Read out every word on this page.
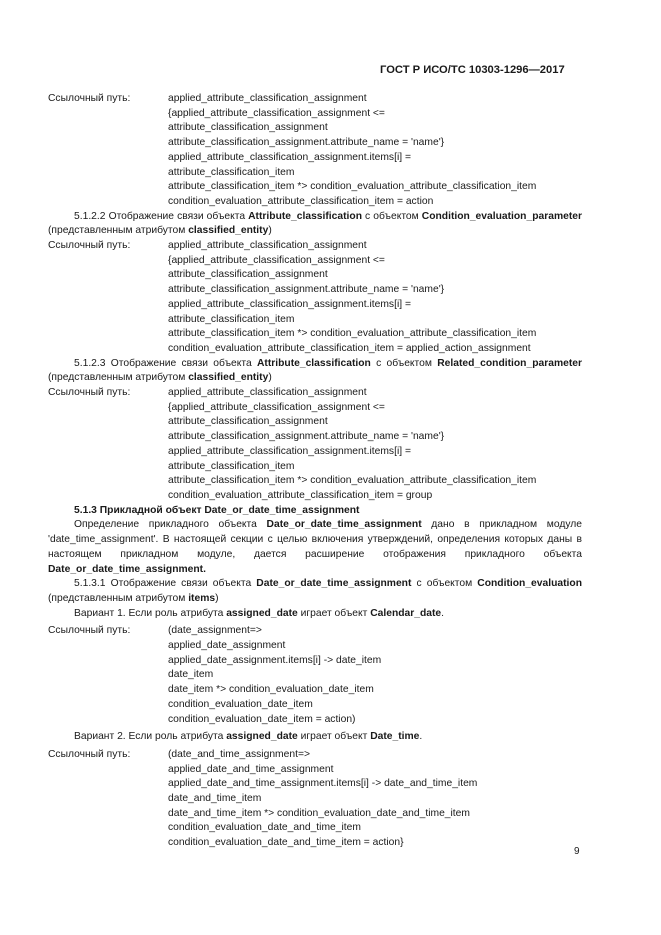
ГОСТ Р ИСО/ТС 10303-1296—2017
Ссылочный путь:	applied_attribute_classification_assignment
{applied_attribute_classification_assignment <=
attribute_classification_assignment
attribute_classification_assignment.attribute_name = 'name'}
applied_attribute_classification_assignment.items[i] =
attribute_classification_item
attribute_classification_item *> condition_evaluation_attribute_classification_item
condition_evaluation_attribute_classification_item = action
5.1.2.2 Отображение связи объекта Attribute_classification с объектом Condition_evaluation_parameter (представленным атрибутом classified_entity)
Ссылочный путь:	applied_attribute_classification_assignment
{applied_attribute_classification_assignment <=
attribute_classification_assignment
attribute_classification_assignment.attribute_name = 'name'}
applied_attribute_classification_assignment.items[i] =
attribute_classification_item
attribute_classification_item *> condition_evaluation_attribute_classification_item
condition_evaluation_attribute_classification_item = applied_action_assignment
5.1.2.3 Отображение связи объекта Attribute_classification с объектом Related_condition_parameter (представленным атрибутом classified_entity)
Ссылочный путь:	applied_attribute_classification_assignment
{applied_attribute_classification_assignment <=
attribute_classification_assignment
attribute_classification_assignment.attribute_name = 'name'}
applied_attribute_classification_assignment.items[i] =
attribute_classification_item
attribute_classification_item *> condition_evaluation_attribute_classification_item
condition_evaluation_attribute_classification_item = group
5.1.3 Прикладной объект Date_or_date_time_assignment
Определение прикладного объекта Date_or_date_time_assignment дано в прикладном модуле 'date_time_assignment'. В настоящей секции с целью включения утверждений, определения которых даны в настоящем прикладном модуле, дается расширение отображения прикладного объекта Date_or_date_time_assignment.
5.1.3.1 Отображение связи объекта Date_or_date_time_assignment с объектом Condition_evaluation (представленным атрибутом items)
Вариант 1. Если роль атрибута assigned_date играет объект Calendar_date.
Ссылочный путь:	(date_assignment=>
applied_date_assignment
applied_date_assignment.items[i] -> date_item
date_item
date_item *> condition_evaluation_date_item
condition_evaluation_date_item
condition_evaluation_date_item = action)
Вариант 2. Если роль атрибута assigned_date играет объект Date_time.
Ссылочный путь:	(date_and_time_assignment=>
applied_date_and_time_assignment
applied_date_and_time_assignment.items[i] -> date_and_time_item
date_and_time_item
date_and_time_item *> condition_evaluation_date_and_time_item
condition_evaluation_date_and_time_item
condition_evaluation_date_and_time_item = action}
9
